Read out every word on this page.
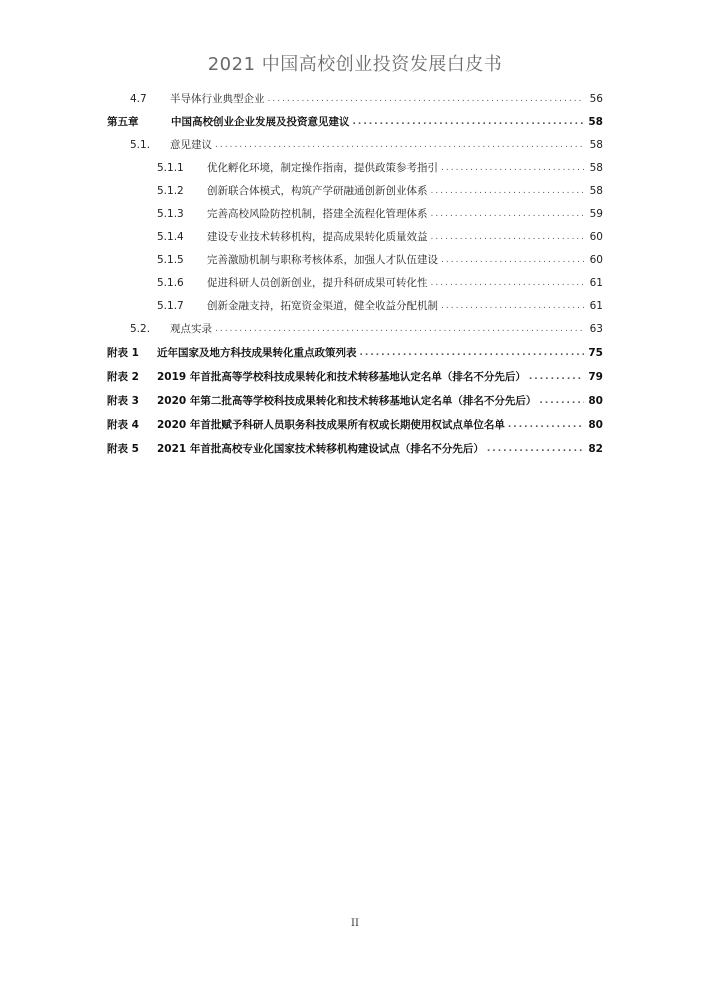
2021 中国高校创业投资发展白皮书
4.7	半导体行业典型企业 .....	56
第五章	中国高校创业企业发展及投资意见建议 .....	58
5.1.	意见建议 .....	58
5.1.1	优化孵化环境，制定操作指南，提供政策参考指引 .....	58
5.1.2	创新联合体模式，构筑产学研融通创新创业体系 .....	58
5.1.3	完善高校风险防控机制，搭建全流程化管理体系 .....	59
5.1.4	建设专业技术转移机构，提高成果转化质量效益 .....	60
5.1.5	完善激励机制与职称考核体系，加强人才队伍建设 .....	60
5.1.6	促进科研人员创新创业，提升科研成果可转化性 .....	61
5.1.7	创新金融支持，拓宽资金渠道，健全收益分配机制 .....	61
5.2.	观点实录 .....	63
附表 1	近年国家及地方科技成果转化重点政策列表 .....	75
附表 2	2019 年首批高等学校科技成果转化和技术转移基地认定名单（排名不分先后） .....	79
附表 3	2020 年第二批高等学校科技成果转化和技术转移基地认定名单（排名不分先后） .....	80
附表 4	2020 年首批赋予科研人员职务科技成果所有权或长期使用权试点单位名单 .....	80
附表 5	2021 年首批高校专业化国家技术转移机构建设试点（排名不分先后） .....	82
II
